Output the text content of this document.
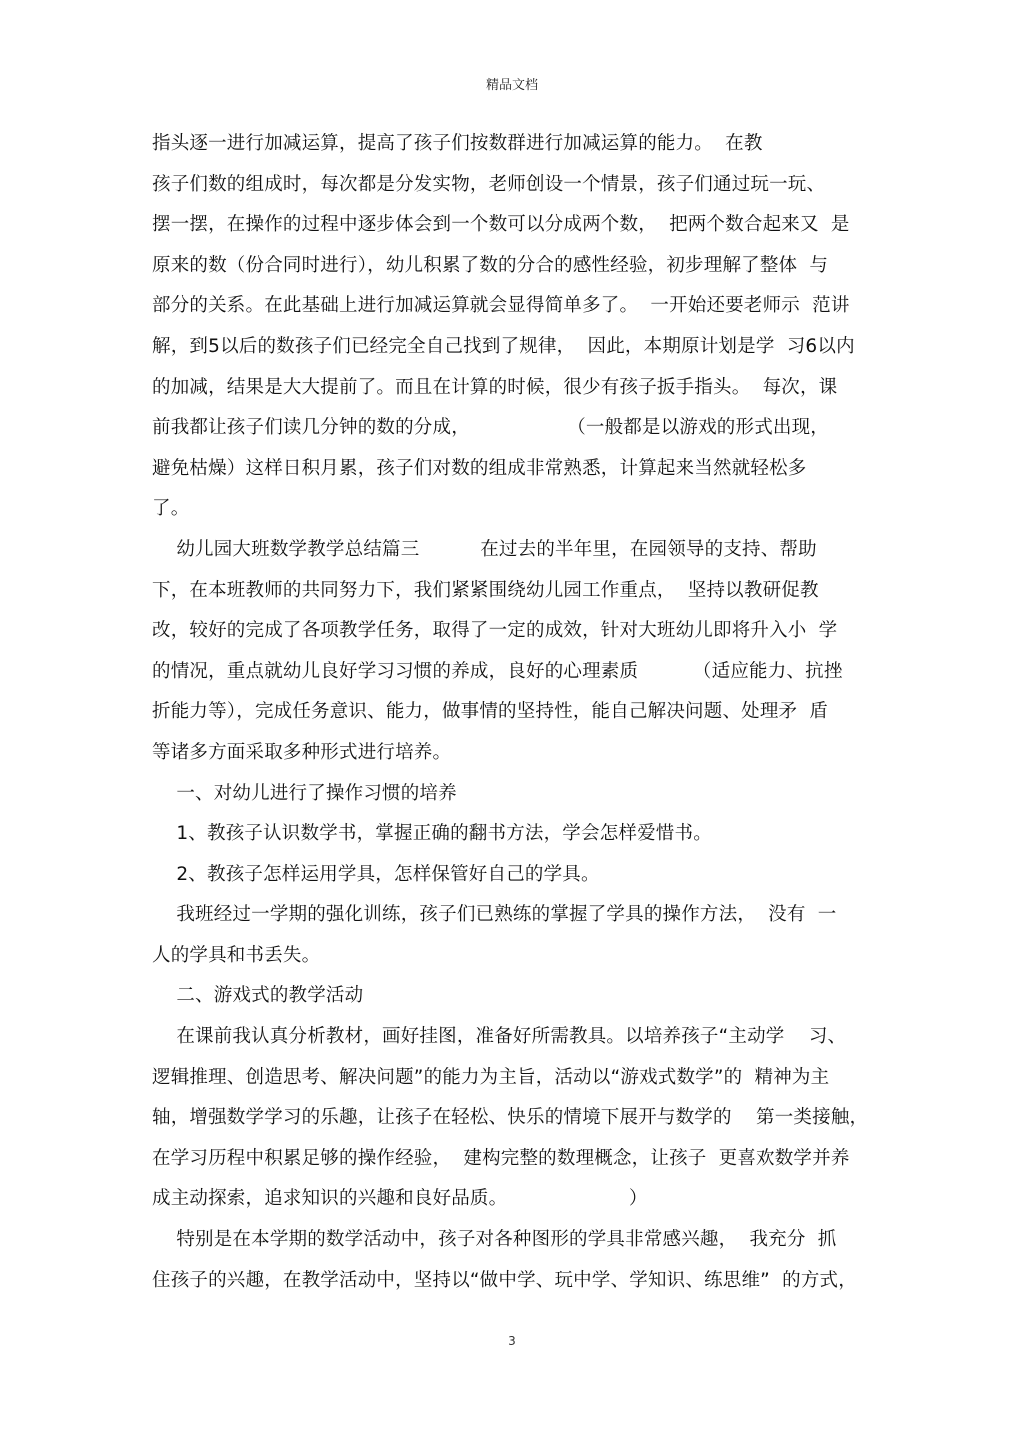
精品文档
指头逐一进行加减运算，提高了孩子们按数群进行加减运算的能力。  在教
孩子们数的组成时，每次都是分发实物，老师创设一个情景，孩子们通过玩一玩、
摆一摆，在操作的过程中逐步体会到一个数可以分成两个数，  把两个数合起来又  是
原来的数（份合同时进行），幼儿积累了数的分合的感性经验，初步理解了整体  与
部分的关系。在此基础上进行加减运算就会显得简单多了。  一开始还要老师示  范讲
解，到5以后的数孩子们已经完全自己找到了规律，  因此，本期原计划是学  习6以内
的加减，结果是大大提前了。而且在计算的时候，很少有孩子扳手指头。  每次，课
前我都让孩子们读几分钟的数的分成，                （一般都是以游戏的形式出现，
避免枯燥）这样日积月累，孩子们对数的组成非常熟悉，计算起来当然就轻松多
了。
幼儿园大班数学教学总结篇三          在过去的半年里，在园领导的支持、帮助
下，在本班教师的共同努力下，我们紧紧围绕幼儿园工作重点，  坚持以教研促教
改，较好的完成了各项教学任务，取得了一定的成效，针对大班幼儿即将升入小  学
的情况，重点就幼儿良好学习习惯的养成，良好的心理素质         （适应能力、抗挫
折能力等），完成任务意识、能力，做事情的坚持性，能自己解决问题、处理矛  盾
等诸多方面采取多种形式进行培养。
一、对幼儿进行了操作习惯的培养
1、教孩子认识数学书，掌握正确的翻书方法，学会怎样爱惜书。
2、教孩子怎样运用学具，怎样保管好自己的学具。
我班经过一学期的强化训练，孩子们已熟练的掌握了学具的操作方法，  没有  一
人的学具和书丢失。
二、游戏式的教学活动
在课前我认真分析教材，画好挂图，准备好所需教具。以培养孩子“主动学    习、
逻辑推理、创造思考、解决问题”的能力为主旨，活动以“游戏式数学”的  精神为主
轴，增强数学学习的乐趣，让孩子在轻松、快乐的情境下展开与数学的    第一类接触，
在学习历程中积累足够的操作经验，  建构完整的数理概念，让孩子  更喜欢数学并养
成主动探索，追求知识的兴趣和良好品质。                    ）
特别是在本学期的数学活动中，孩子对各种图形的学具非常感兴趣，  我充分  抓
住孩子的兴趣，在教学活动中，坚持以“做中学、玩中学、学知识、练思维”  的方式，
3
